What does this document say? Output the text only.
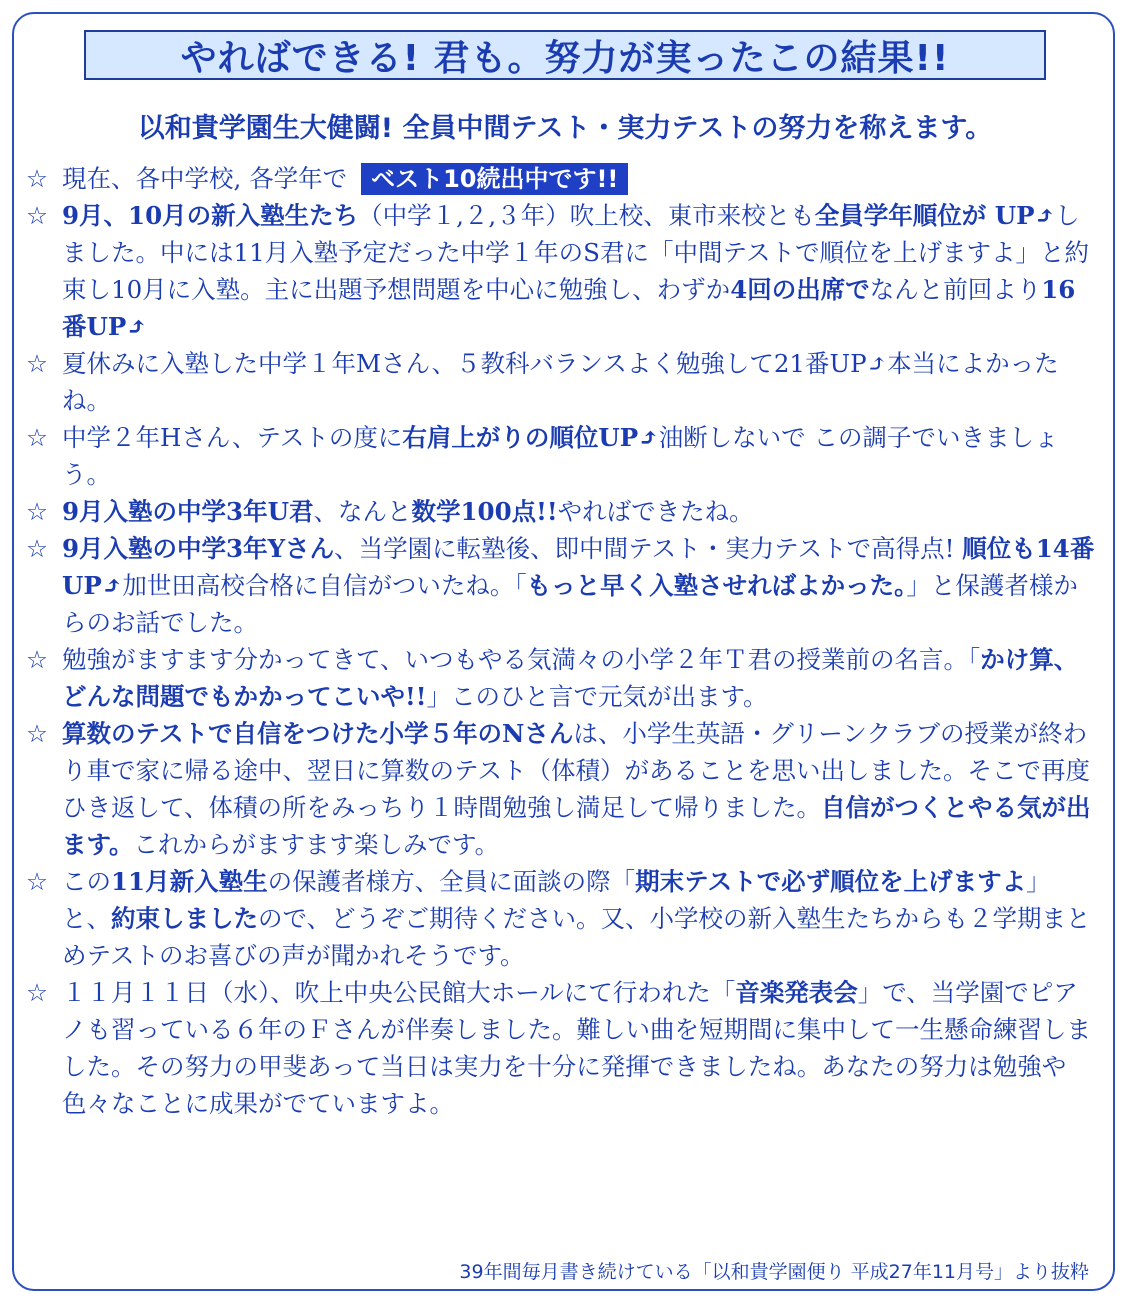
やればできる! 君も。努力が実ったこの結果!!
以和貴学園生大健闘! 全員中間テスト・実力テストの努力を称えます。

☆ 現在、各中学校, 各学年で ベスト10続出中です!!

☆ 9月、10月の新入塾生たち（中学１,２,３年）吹上校、東市来校とも全員学年順位が UP⤴しました。中には11月入塾予定だった中学１年のS君に「中間テストで順位を上げますよ」と約束し10月に入塾。主に出題予想問題を中心に勉強し、わずか4回の出席でなんと前回より16番UP⤴

☆ 夏休みに入塾した中学１年Mさん、５教科バランスよく勉強して21番UP⤴本当によかったね。

☆ 中学２年Hさん、テストの度に右肩上がりの順位UP⤴油断しないで この調子でいきましょう。

☆ 9月入塾の中学3年U君、なんと数学100点!!やればできたね。

☆ 9月入塾の中学3年Yさん、当学園に転塾後、即中間テスト・実力テストで高得点! 順位も14番UP⤴加世田高校合格に自信がついたね。「もっと早く入塾させればよかった。」と保護者様からのお話でした。

☆ 勉強がますます分かってきて、いつもやる気満々の小学２年Ｔ君の授業前の名言。「かけ算、どんな問題でもかかってこいや!!」このひと言で元気が出ます。

☆ 算数のテストで自信をつけた小学５年のNさんは、小学生英語・グリーンクラブの授業が終わり車で家に帰る途中、翌日に算数のテスト（体積）があることを思い出しました。そこで再度ひき返して、体積の所をみっちり１時間勉強し満足して帰りました。自信がつくとやる気が出ます。これからがますます楽しみです。

☆ この11月新入塾生の保護者様方、全員に面談の際「期末テストで必ず順位を上げますよ」と、約束しましたので、どうぞご期待ください。又、小学校の新入塾生たちからも２学期まとめテストのお喜びの声が聞かれそうです。

☆ １１月１１日（水）、吹上中央公民館大ホールにて行われた「音楽発表会」で、当学園でピアノも習っている６年のＦさんが伴奏しました。難しい曲を短期間に集中して一生懸命練習しました。その努力の甲斐あって当日は実力を十分に発揮できましたね。あなたの努力は勉強や色々なことに成果がでていますよ。

39年間毎月書き続けている「以和貴学園便り 平成27年11月号」より抜粋
